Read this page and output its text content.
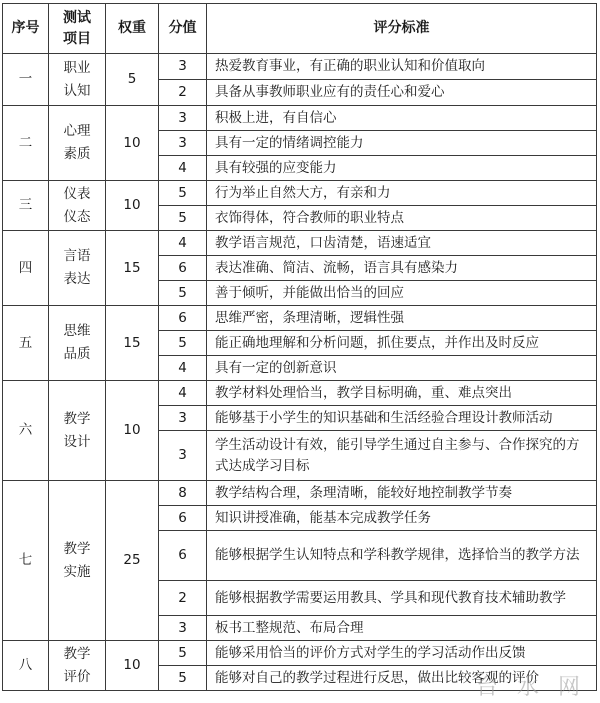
序号	测试项目	权重	分值	评分标准
一	职业认知	5	3	热爱教育事业，有正确的职业认知和价值取向
			2	具备从事教师职业应有的责任心和爱心
二	心理素质	10	3	积极上进，有自信心
			3	具有一定的情绪调控能力
			4	具有较强的应变能力
三	仪表仪态	10	5	行为举止自然大方，有亲和力
			5	衣饰得体，符合教师的职业特点
四	言语表达	15	4	教学语言规范，口齿清楚，语速适宜
			6	表达准确、简洁、流畅，语言具有感染力
			5	善于倾听，并能做出恰当的回应
五	思维品质	15	6	思维严密，条理清晰，逻辑性强
			5	能正确地理解和分析问题，抓住要点，并作出及时反应
			4	具有一定的创新意识
六	教学设计	10	4	教学材料处理恰当，教学目标明确，重、难点突出
			3	能够基于小学生的知识基础和生活经验合理设计教师活动
			3	学生活动设计有效，能引导学生通过自主参与、合作探究的方式达成学习目标
七	教学实施	25	8	教学结构合理，条理清晰，能较好地控制教学节奏
			6	知识讲授准确，能基本完成教学任务
			6	能够根据学生认知特点和学科教学规律，选择恰当的教学方法
			2	能够根据教学需要运用教具、学具和现代教育技术辅助教学
			3	板书工整规范、布局合理
八	教学评价	10	5	能够采用恰当的评价方式对学生的学习活动作出反馈
			5	能够对自己的教学过程进行反思，做出比较客观的评价
台 水 网
